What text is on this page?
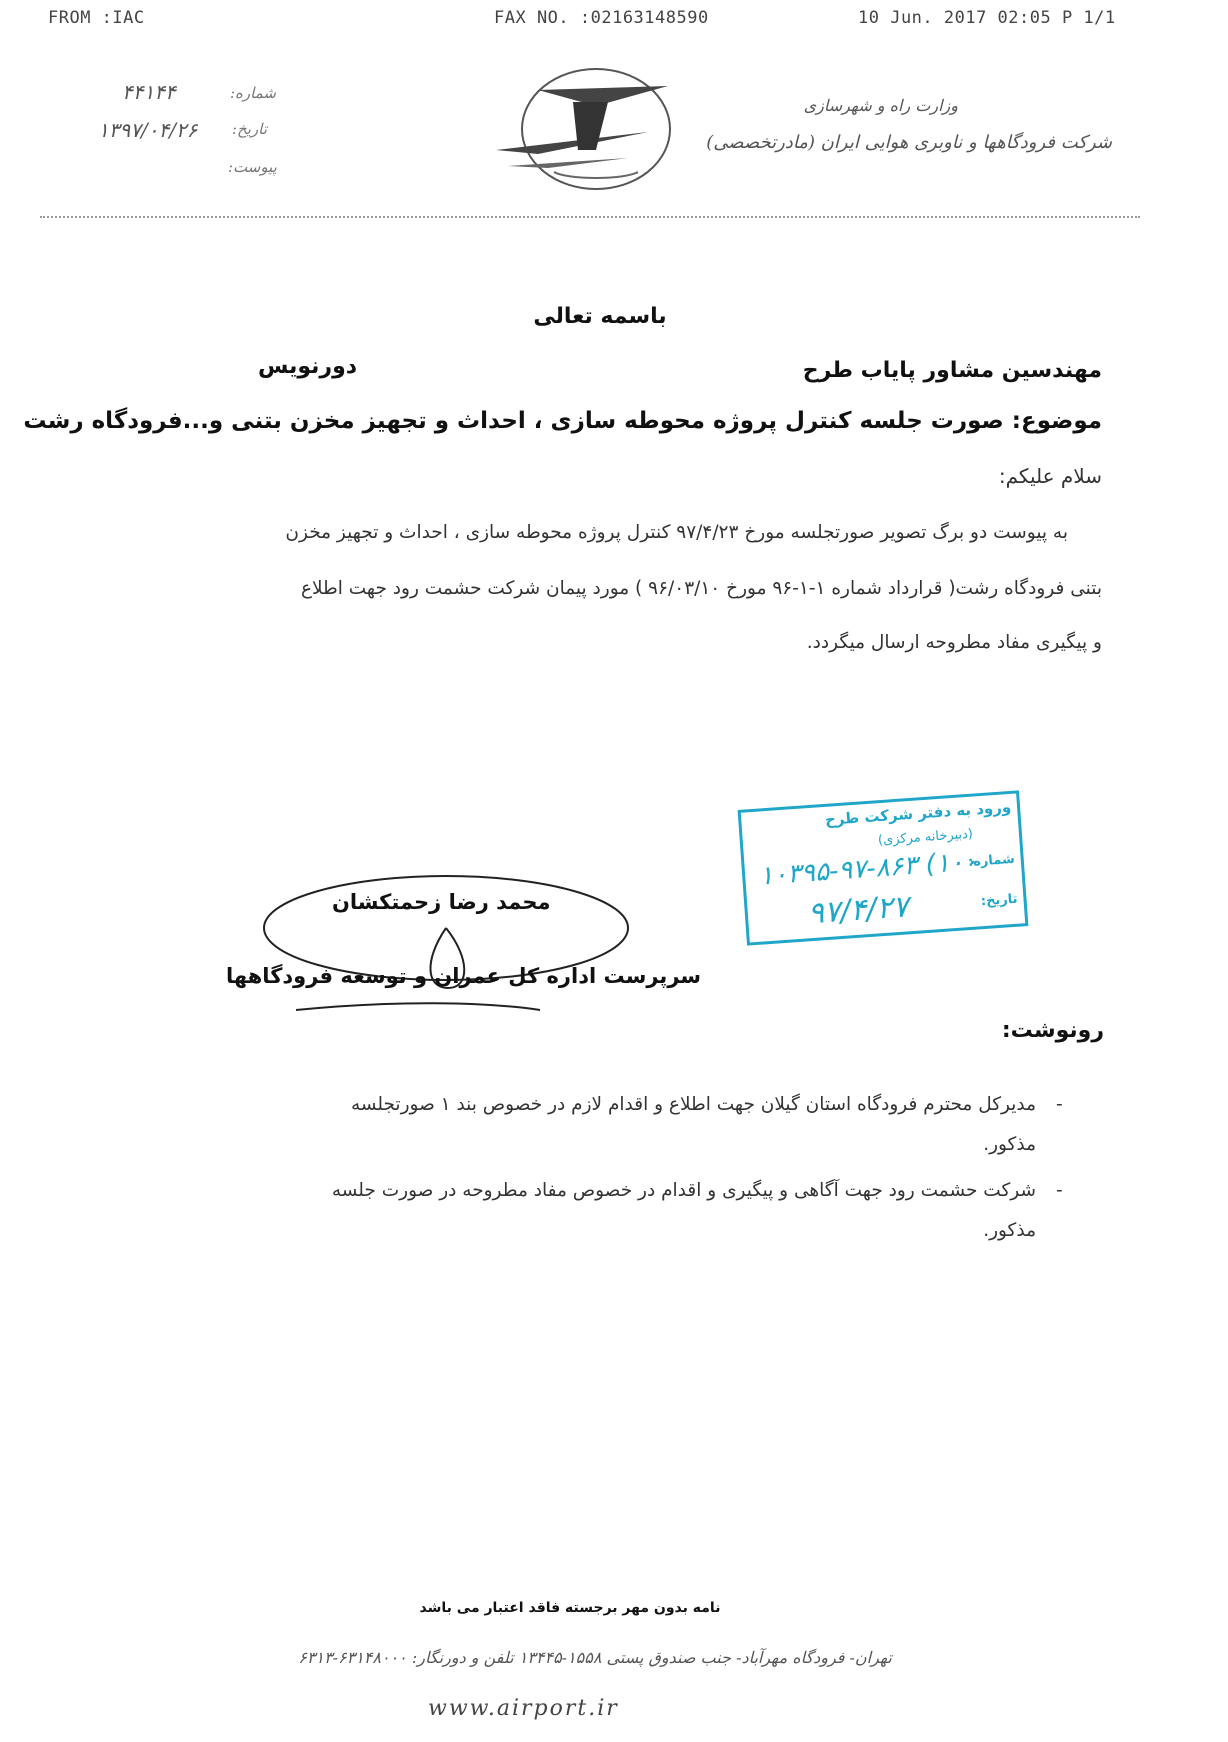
FROM :IAC	FAX NO. :02163148590	10 Jun. 2017 02:05 P 1/1
۴۴۱۴۴	شماره:
۱۳۹۷/۰۴/۲۶ تاریخ:
پیوست:
وزارت راه و شهرسازی
شرکت فرودگاهها و ناوبری هوایی ایران (مادرتخصصی)
باسمه تعالی
مهندسین مشاور پایاب طرح
دورنویس
موضوع: صورت جلسه کنترل پروژه محوطه سازی ، احداث و تجهیز مخزن بتنی و...فرودگاه رشت
سلام علیکم:
به پیوست دو برگ تصویر صورتجلسه مورخ ۹۷/۴/۲۳ کنترل پروژه محوطه سازی ، احداث و تجهیز مخزن
بتنی فرودگاه رشت( قرارداد شماره ۱-۱-۹۶ مورخ ۹۶/۰۳/۱۰ ) مورد پیمان شرکت حشمت رود جهت اطلاع
و پیگیری مفاد مطروحه ارسال میگردد.
ورود به دفتر شرکت طرح
(دبیرخانه مرکزی)
شماره:
۱۰۳۹۵-۹۷-۸۶۳ (۱۰۰
تاریخ:
۹۷/۴/۲۷
محمد رضا زحمتکشان
سرپرست اداره کل عمران و توسعه فرودگاهها
رونوشت:
-
مدیرکل محترم فرودگاه استان گیلان جهت اطلاع و اقدام لازم در خصوص بند ۱ صورتجلسه
مذکور.
-
شرکت حشمت رود جهت آگاهی و پیگیری و اقدام در خصوص مفاد مطروحه در صورت جلسه
مذکور.
نامه بدون مهر برجسته فاقد اعتبار می باشد
تهران- فرودگاه مهرآباد- جنب صندوق پستی ۱۵۵۸-۱۳۴۴۵ تلفن و دورنگار: ۶۳۱۴۸۰۰۰-۶۳۱۳
www.airport.ir
